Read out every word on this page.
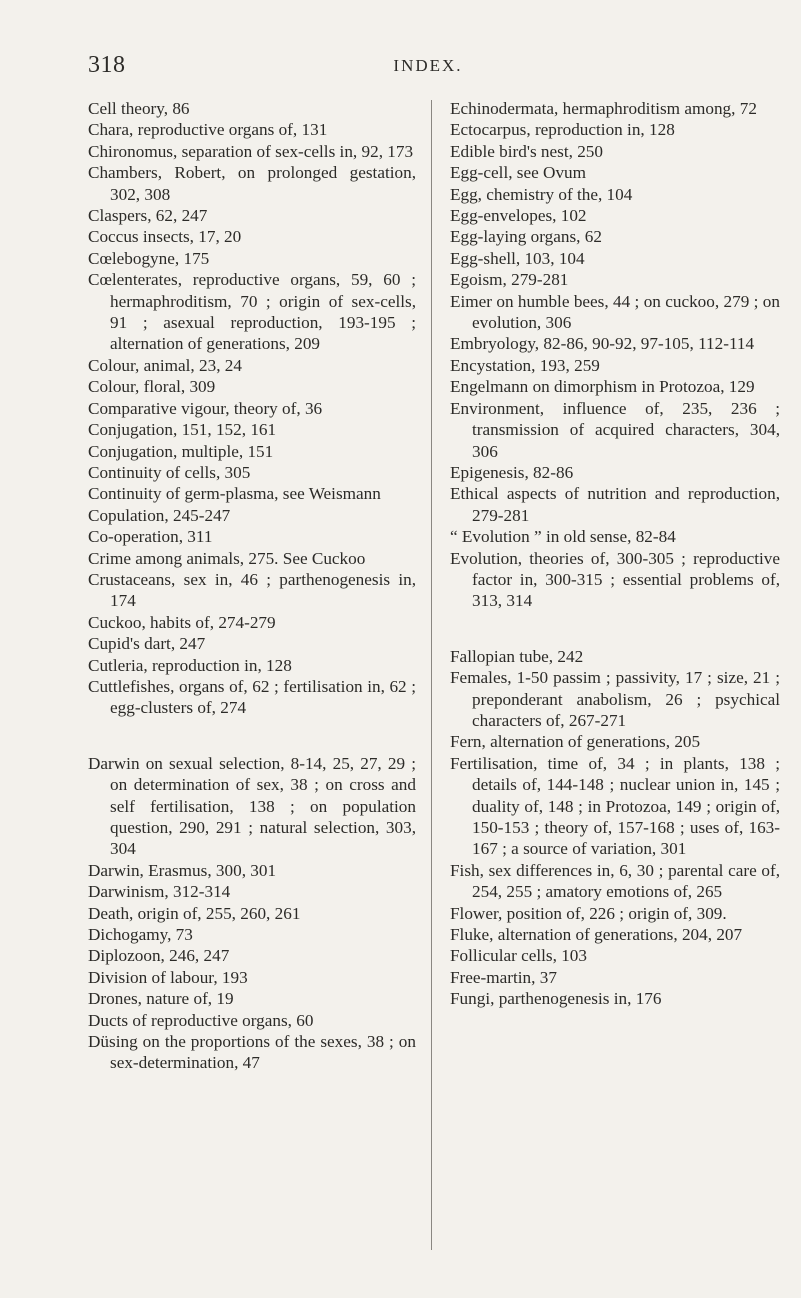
318	INDEX.

Cell theory, 86

Chara, reproductive organs of, 131

Chironomus, separation of sex-cells in, 92, 173

Chambers, Robert, on prolonged gestation, 302, 308

Claspers, 62, 247

Coccus insects, 17, 20

Cœlebogyne, 175

Cœlenterates, reproductive organs, 59, 60 ; hermaphroditism, 70 ; origin of sex-cells, 91 ; asexual reproduction, 193-195 ; alternation of generations, 209

Colour, animal, 23, 24

Colour, floral, 309

Comparative vigour, theory of, 36

Conjugation, 151, 152, 161

Conjugation, multiple, 151

Continuity of cells, 305

Continuity of germ-plasma, see Weismann

Copulation, 245-247

Co-operation, 311

Crime among animals, 275. See Cuckoo

Crustaceans, sex in, 46 ; parthenogenesis in, 174

Cuckoo, habits of, 274-279

Cupid's dart, 247

Cutleria, reproduction in, 128

Cuttlefishes, organs of, 62 ; fertilisation in, 62 ; egg-clusters of, 274

Darwin on sexual selection, 8-14, 25, 27, 29 ; on determination of sex, 38 ; on cross and self fertilisation, 138 ; on population question, 290, 291 ; natural selection, 303, 304

Darwin, Erasmus, 300, 301

Darwinism, 312-314

Death, origin of, 255, 260, 261

Dichogamy, 73

Diplozoon, 246, 247

Division of labour, 193

Drones, nature of, 19

Ducts of reproductive organs, 60

Düsing on the proportions of the sexes, 38 ; on sex-determination, 47

Echinodermata, hermaphroditism among, 72

Ectocarpus, reproduction in, 128

Edible bird's nest, 250

Egg-cell, see Ovum

Egg, chemistry of the, 104

Egg-envelopes, 102

Egg-laying organs, 62

Egg-shell, 103, 104

Egoism, 279-281

Eimer on humble bees, 44 ; on cuckoo, 279 ; on evolution, 306

Embryology, 82-86, 90-92, 97-105, 112-114

Encystation, 193, 259

Engelmann on dimorphism in Protozoa, 129

Environment, influence of, 235, 236 ; transmission of acquired characters, 304, 306

Epigenesis, 82-86

Ethical aspects of nutrition and reproduction, 279-281

“ Evolution ” in old sense, 82-84

Evolution, theories of, 300-305 ; reproductive factor in, 300-315 ; essential problems of, 313, 314

Fallopian tube, 242

Females, 1-50 passim ; passivity, 17 ; size, 21 ; preponderant anabolism, 26 ; psychical characters of, 267-271

Fern, alternation of generations, 205

Fertilisation, time of, 34 ; in plants, 138 ; details of, 144-148 ; nuclear union in, 145 ; duality of, 148 ; in Protozoa, 149 ; origin of, 150-153 ; theory of, 157-168 ; uses of, 163-167 ; a source of variation, 301

Fish, sex differences in, 6, 30 ; parental care of, 254, 255 ; amatory emotions of, 265

Flower, position of, 226 ; origin of, 309.

Fluke, alternation of generations, 204, 207

Follicular cells, 103

Free-martin, 37

Fungi, parthenogenesis in, 176
